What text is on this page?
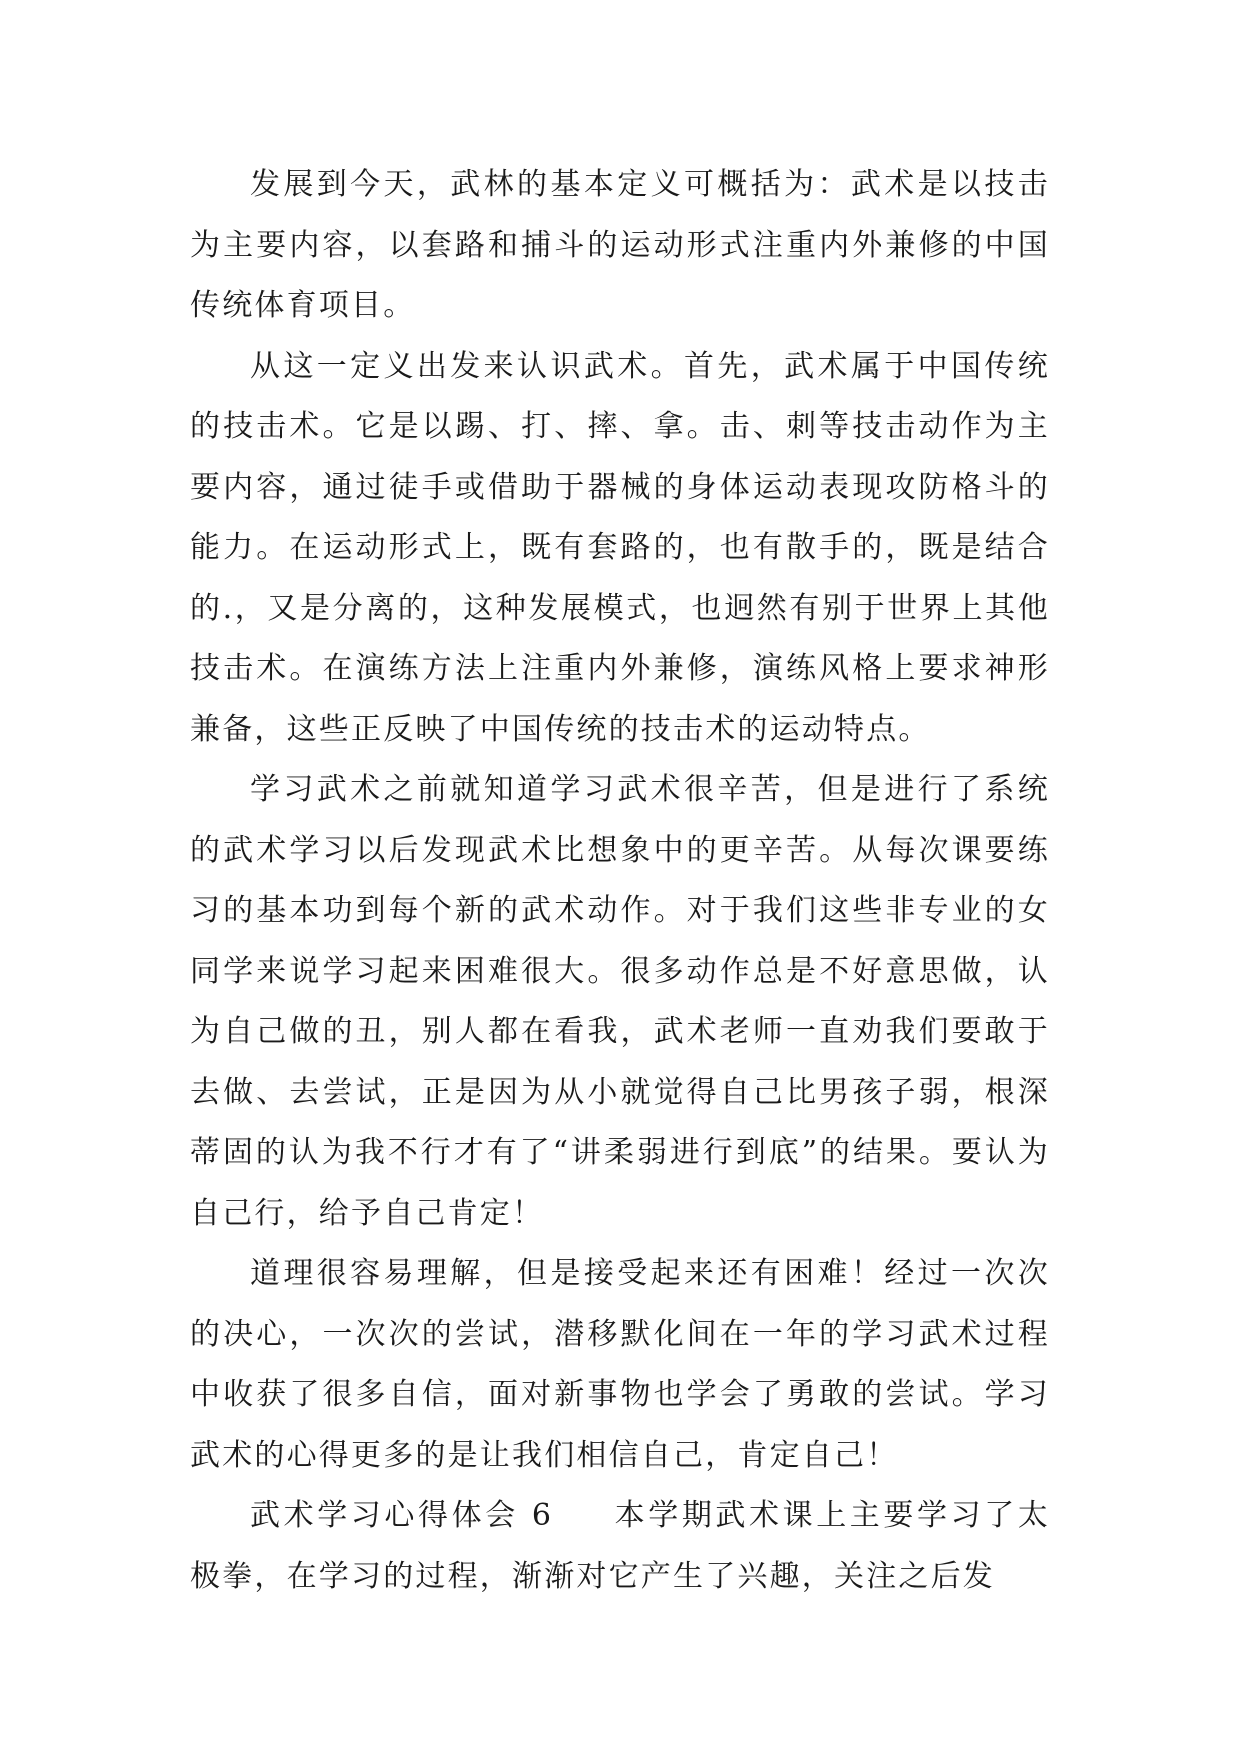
发展到今天，武林的基本定义可概括为：武术是以技击为主要内容，以套路和捕斗的运动形式注重内外兼修的中国传统体育项目。

从这一定义出发来认识武术。首先，武术属于中国传统的技击术。它是以踢、打、摔、拿。击、刺等技击动作为主要内容，通过徒手或借助于器械的身体运动表现攻防格斗的能力。在运动形式上，既有套路的，也有散手的，既是结合的.，又是分离的，这种发展模式，也迥然有别于世界上其他技击术。在演练方法上注重内外兼修，演练风格上要求神形兼备，这些正反映了中国传统的技击术的运动特点。

学习武术之前就知道学习武术很辛苦，但是进行了系统的武术学习以后发现武术比想象中的更辛苦。从每次课要练习的基本功到每个新的武术动作。对于我们这些非专业的女同学来说学习起来困难很大。很多动作总是不好意思做，认为自己做的丑，别人都在看我，武术老师一直劝我们要敢于去做、去尝试，正是因为从小就觉得自己比男孩子弱，根深蒂固的认为我不行才有了“讲柔弱进行到底”的结果。要认为自己行，给予自己肯定！

道理很容易理解，但是接受起来还有困难！经过一次次的决心，一次次的尝试，潜移默化间在一年的学习武术过程中收获了很多自信，面对新事物也学会了勇敢的尝试。学习武术的心得更多的是让我们相信自己，肯定自己！

武术学习心得体会 6 本学期武术课上主要学习了太极拳，在学习的过程，渐渐对它产生了兴趣，关注之后发
